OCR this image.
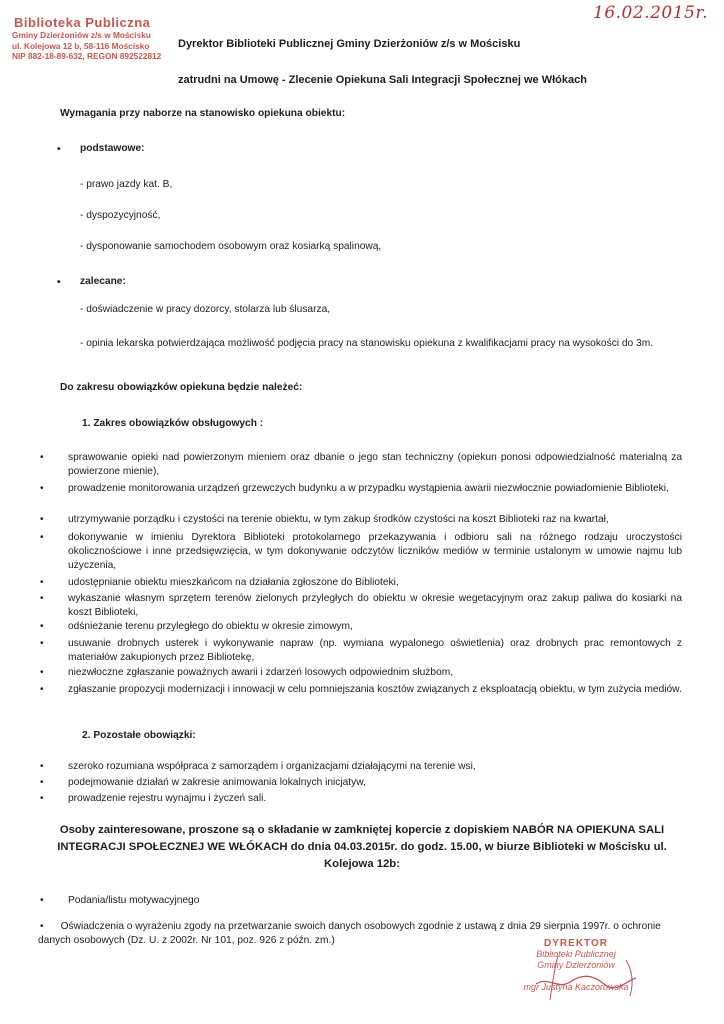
Biblioteka Publiczna
Gminy Dzierżoniów z/s w Mościsku
ul. Kolejowa 12 b, 58-116 Mościsko
NIP 882-18-89-632, REGON 892522812
16.02.2015r.
Dyrektor Biblioteki Publicznej Gminy Dzierżoniów z/s w Mościsku
zatrudni na Umowę - Zlecenie Opiekuna Sali Integracji Społecznej we Włókach
Wymagania przy naborze na stanowisko opiekuna obiektu:
• podstawowe:
- prawo jazdy kat. B,
- dyspozycyjność,
- dysponowanie samochodem osobowym oraz kosiarką spalinową,
• zalecane:
- doświadczenie w pracy dozorcy, stolarza lub ślusarza,
- opinia lekarska potwierdzająca możliwość podjęcia pracy na stanowisku opiekuna z kwalifikacjami pracy na wysokości do 3m.
Do zakresu obowiązków opiekuna będzie należeć:
1. Zakres obowiązków obsługowych :
• sprawowanie opieki nad powierzonym mieniem oraz dbanie o jego stan techniczny (opiekun ponosi odpowiedzialność materialną za powierzone mienie),
• prowadzenie monitorowania urządzeń grzewczych budynku a w przypadku wystąpienia awarii niezwłocznie powiadomienie Biblioteki,
• utrzymywanie porządku i czystości na terenie obiektu, w tym zakup środków czystości na koszt Biblioteki raz na kwartał,
• dokonywanie w imieniu Dyrektora Biblioteki protokolarnego przekazywania i odbioru sali na różnego rodzaju uroczystości okolicznościowe i inne przedsięwzięcia, w tym dokonywanie odczytów liczników mediów w terminie ustalonym w umowie najmu lub użyczenia,
• udostępnianie obiektu mieszkańcom na działania zgłoszone do Biblioteki,
• wykaszanie własnym sprzętem terenów zielonych przyległych do obiektu w okresie wegetacyjnym oraz zakup paliwa do kosiarki na koszt Biblioteki,
• odśnieżanie terenu przyległego do obiektu w okresie zimowym,
• usuwanie drobnych usterek i wykonywanie napraw (np. wymiana wypalonego oświetlenia) oraz drobnych prac remontowych z materiałów zakupionych przez Bibliotekę,
• niezwłoczne zgłaszanie poważnych awarii i zdarzeń losowych odpowiednim służbom,
• zgłaszanie propozycji modernizacji i innowacji w celu pomniejszania kosztów związanych z eksploatacją obiektu, w tym zużycia mediów.
2. Pozostałe obowiązki:
• szeroko rozumiana współpraca z samorządem i organizacjami działającymi na terenie wsi,
• podejmowanie działań w zakresie animowania lokalnych inicjatyw,
• prowadzenie rejestru wynajmu i życzeń sali.
Osoby zainteresowane, proszone są o składanie w zamkniętej kopercie z dopiskiem NABÓR NA OPIEKUNA SALI INTEGRACJI SPOŁECZNEJ WE WŁÓKACH do dnia 04.03.2015r. do godz. 15.00, w biurze Biblioteki w Mościsku ul. Kolejowa 12b:
• Podania/listu motywacyjnego
•      Oświadczenia o wyrażeniu zgody na przetwarzanie swoich danych osobowych zgodnie z ustawą z dnia 29 sierpnia 1997r. o ochronie danych osobowych (Dz. U. z 2002r. Nr 101, poz. 926 z późn. zm.)	DYREKTOR
Biblioteki Publicznej
Gminy Dzierżoniów
mgr Justyna Kaczorowska
